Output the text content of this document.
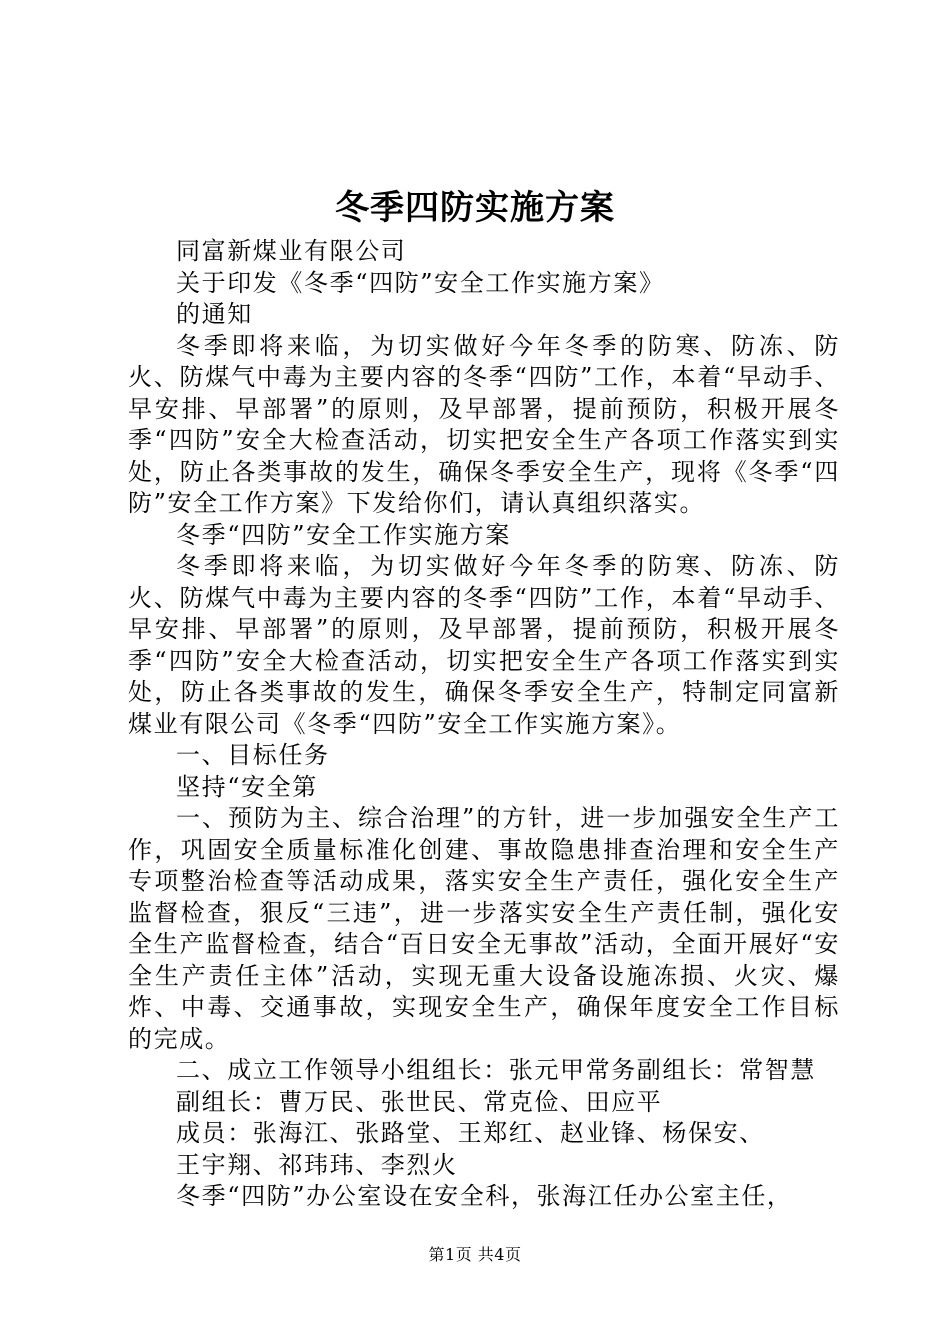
冬季四防实施方案

同富新煤业有限公司

关于印发《冬季“四防”安全工作实施方案》

的通知

冬季即将来临，为切实做好今年冬季的防寒、防冻、防火、防煤气中毒为主要内容的冬季“四防”工作，本着“早动手、早安排、早部署”的原则，及早部署，提前预防，积极开展冬季“四防”安全大检查活动，切实把安全生产各项工作落实到实处，防止各类事故的发生，确保冬季安全生产，现将《冬季“四防”安全工作方案》下发给你们，请认真组织落实。

冬季“四防”安全工作实施方案

冬季即将来临，为切实做好今年冬季的防寒、防冻、防火、防煤气中毒为主要内容的冬季“四防”工作，本着“早动手、早安排、早部署”的原则，及早部署，提前预防，积极开展冬季“四防”安全大检查活动，切实把安全生产各项工作落实到实处，防止各类事故的发生，确保冬季安全生产，特制定同富新煤业有限公司《冬季“四防”安全工作实施方案》。

一、目标任务

坚持“安全第

一、预防为主、综合治理”的方针，进一步加强安全生产工作，巩固安全质量标准化创建、事故隐患排查治理和安全生产专项整治检查等活动成果，落实安全生产责任，强化安全生产监督检查，狠反“三违”，进一步落实安全生产责任制，强化安全生产监督检查，结合“百日安全无事故”活动，全面开展好“安全生产责任主体”活动，实现无重大设备设施冻损、火灾、爆炸、中毒、交通事故，实现安全生产，确保年度安全工作目标的完成。

二、成立工作领导小组组长：张元甲常务副组长：常智慧

副组长：曹万民、张世民、常克俭、田应平

成员：张海江、张路堂、王郑红、赵业锋、杨保安、

王宇翔、祁玮玮、李烈火

冬季“四防”办公室设在安全科，张海江任办公室主任，

第1页 共4页
